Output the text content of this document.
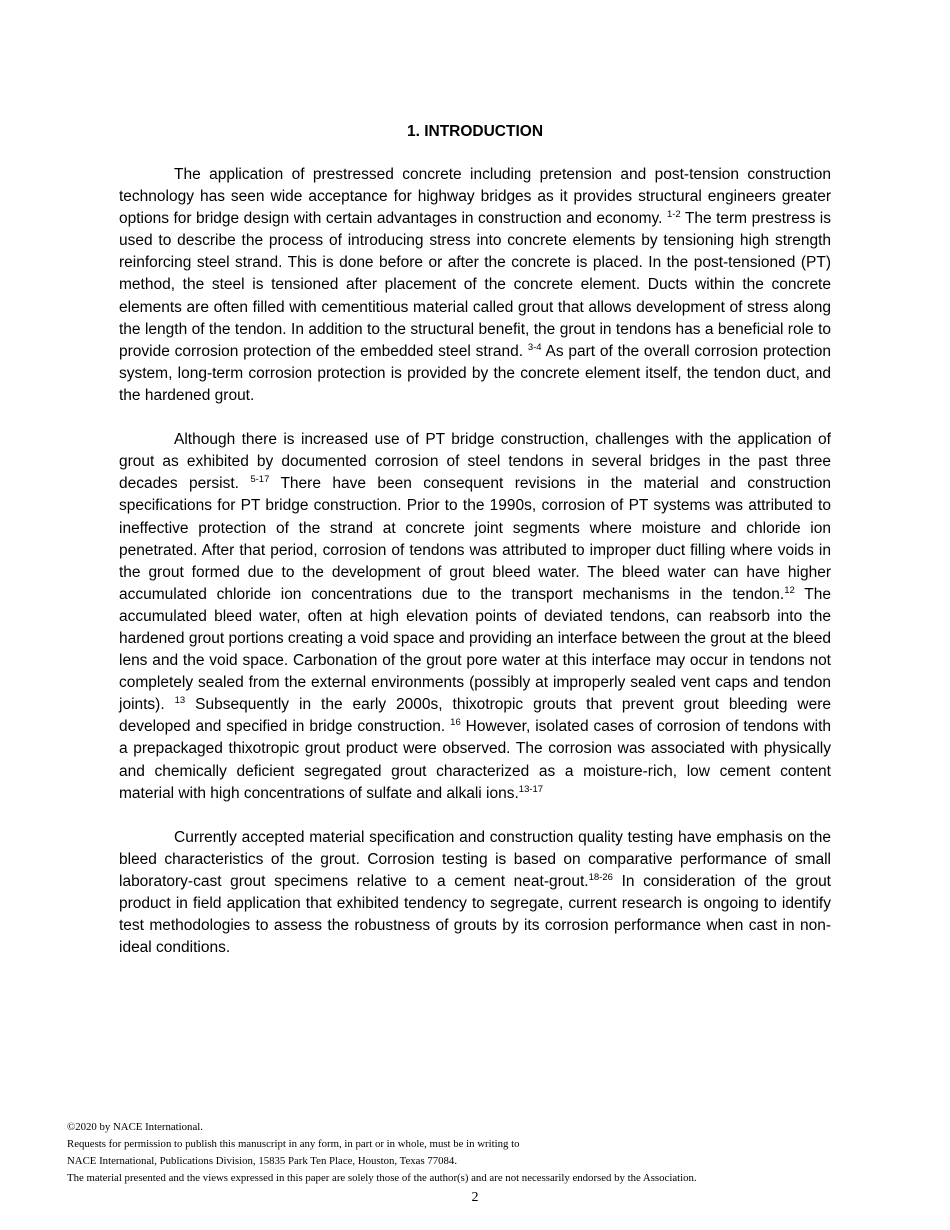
1. INTRODUCTION

The application of prestressed concrete including pretension and post-tension construction technology has seen wide acceptance for highway bridges as it provides structural engineers greater options for bridge design with certain advantages in construction and economy. $^{1-2}$ The term prestress is used to describe the process of introducing stress into concrete elements by tensioning high strength reinforcing steel strand. This is done before or after the concrete is placed. In the post-tensioned (PT) method, the steel is tensioned after placement of the concrete element. Ducts within the concrete elements are often filled with cementitious material called grout that allows development of stress along the length of the tendon. In addition to the structural benefit, the grout in tendons has a beneficial role to provide corrosion protection of the embedded steel strand. $^{3-4}$ As part of the overall corrosion protection system, long-term corrosion protection is provided by the concrete element itself, the tendon duct, and the hardened grout.

Although there is increased use of PT bridge construction, challenges with the application of grout as exhibited by documented corrosion of steel tendons in several bridges in the past three decades persist. $^{5-17}$ There have been consequent revisions in the material and construction specifications for PT bridge construction. Prior to the 1990s, corrosion of PT systems was attributed to ineffective protection of the strand at concrete joint segments where moisture and chloride ion penetrated. After that period, corrosion of tendons was attributed to improper duct filling where voids in the grout formed due to the development of grout bleed water. The bleed water can have higher accumulated chloride ion concentrations due to the transport mechanisms in the tendon.$^{12}$ The accumulated bleed water, often at high elevation points of deviated tendons, can reabsorb into the hardened grout portions creating a void space and providing an interface between the grout at the bleed lens and the void space. Carbonation of the grout pore water at this interface may occur in tendons not completely sealed from the external environments (possibly at improperly sealed vent caps and tendon joints). $^{13}$ Subsequently in the early 2000s, thixotropic grouts that prevent grout bleeding were developed and specified in bridge construction. $^{16}$ However, isolated cases of corrosion of tendons with a prepackaged thixotropic grout product were observed. The corrosion was associated with physically and chemically deficient segregated grout characterized as a moisture-rich, low cement content material with high concentrations of sulfate and alkali ions.$^{13-17}$

Currently accepted material specification and construction quality testing have emphasis on the bleed characteristics of the grout. Corrosion testing is based on comparative performance of small laboratory-cast grout specimens relative to a cement neat-grout.$^{18-26}$ In consideration of the grout product in field application that exhibited tendency to segregate, current research is ongoing to identify test methodologies to assess the robustness of grouts by its corrosion performance when cast in non-ideal conditions.

©2020 by NACE International.
Requests for permission to publish this manuscript in any form, in part or in whole, must be in writing to
NACE International, Publications Division, 15835 Park Ten Place, Houston, Texas 77084.
The material presented and the views expressed in this paper are solely those of the author(s) and are not necessarily endorsed by the Association.
2
